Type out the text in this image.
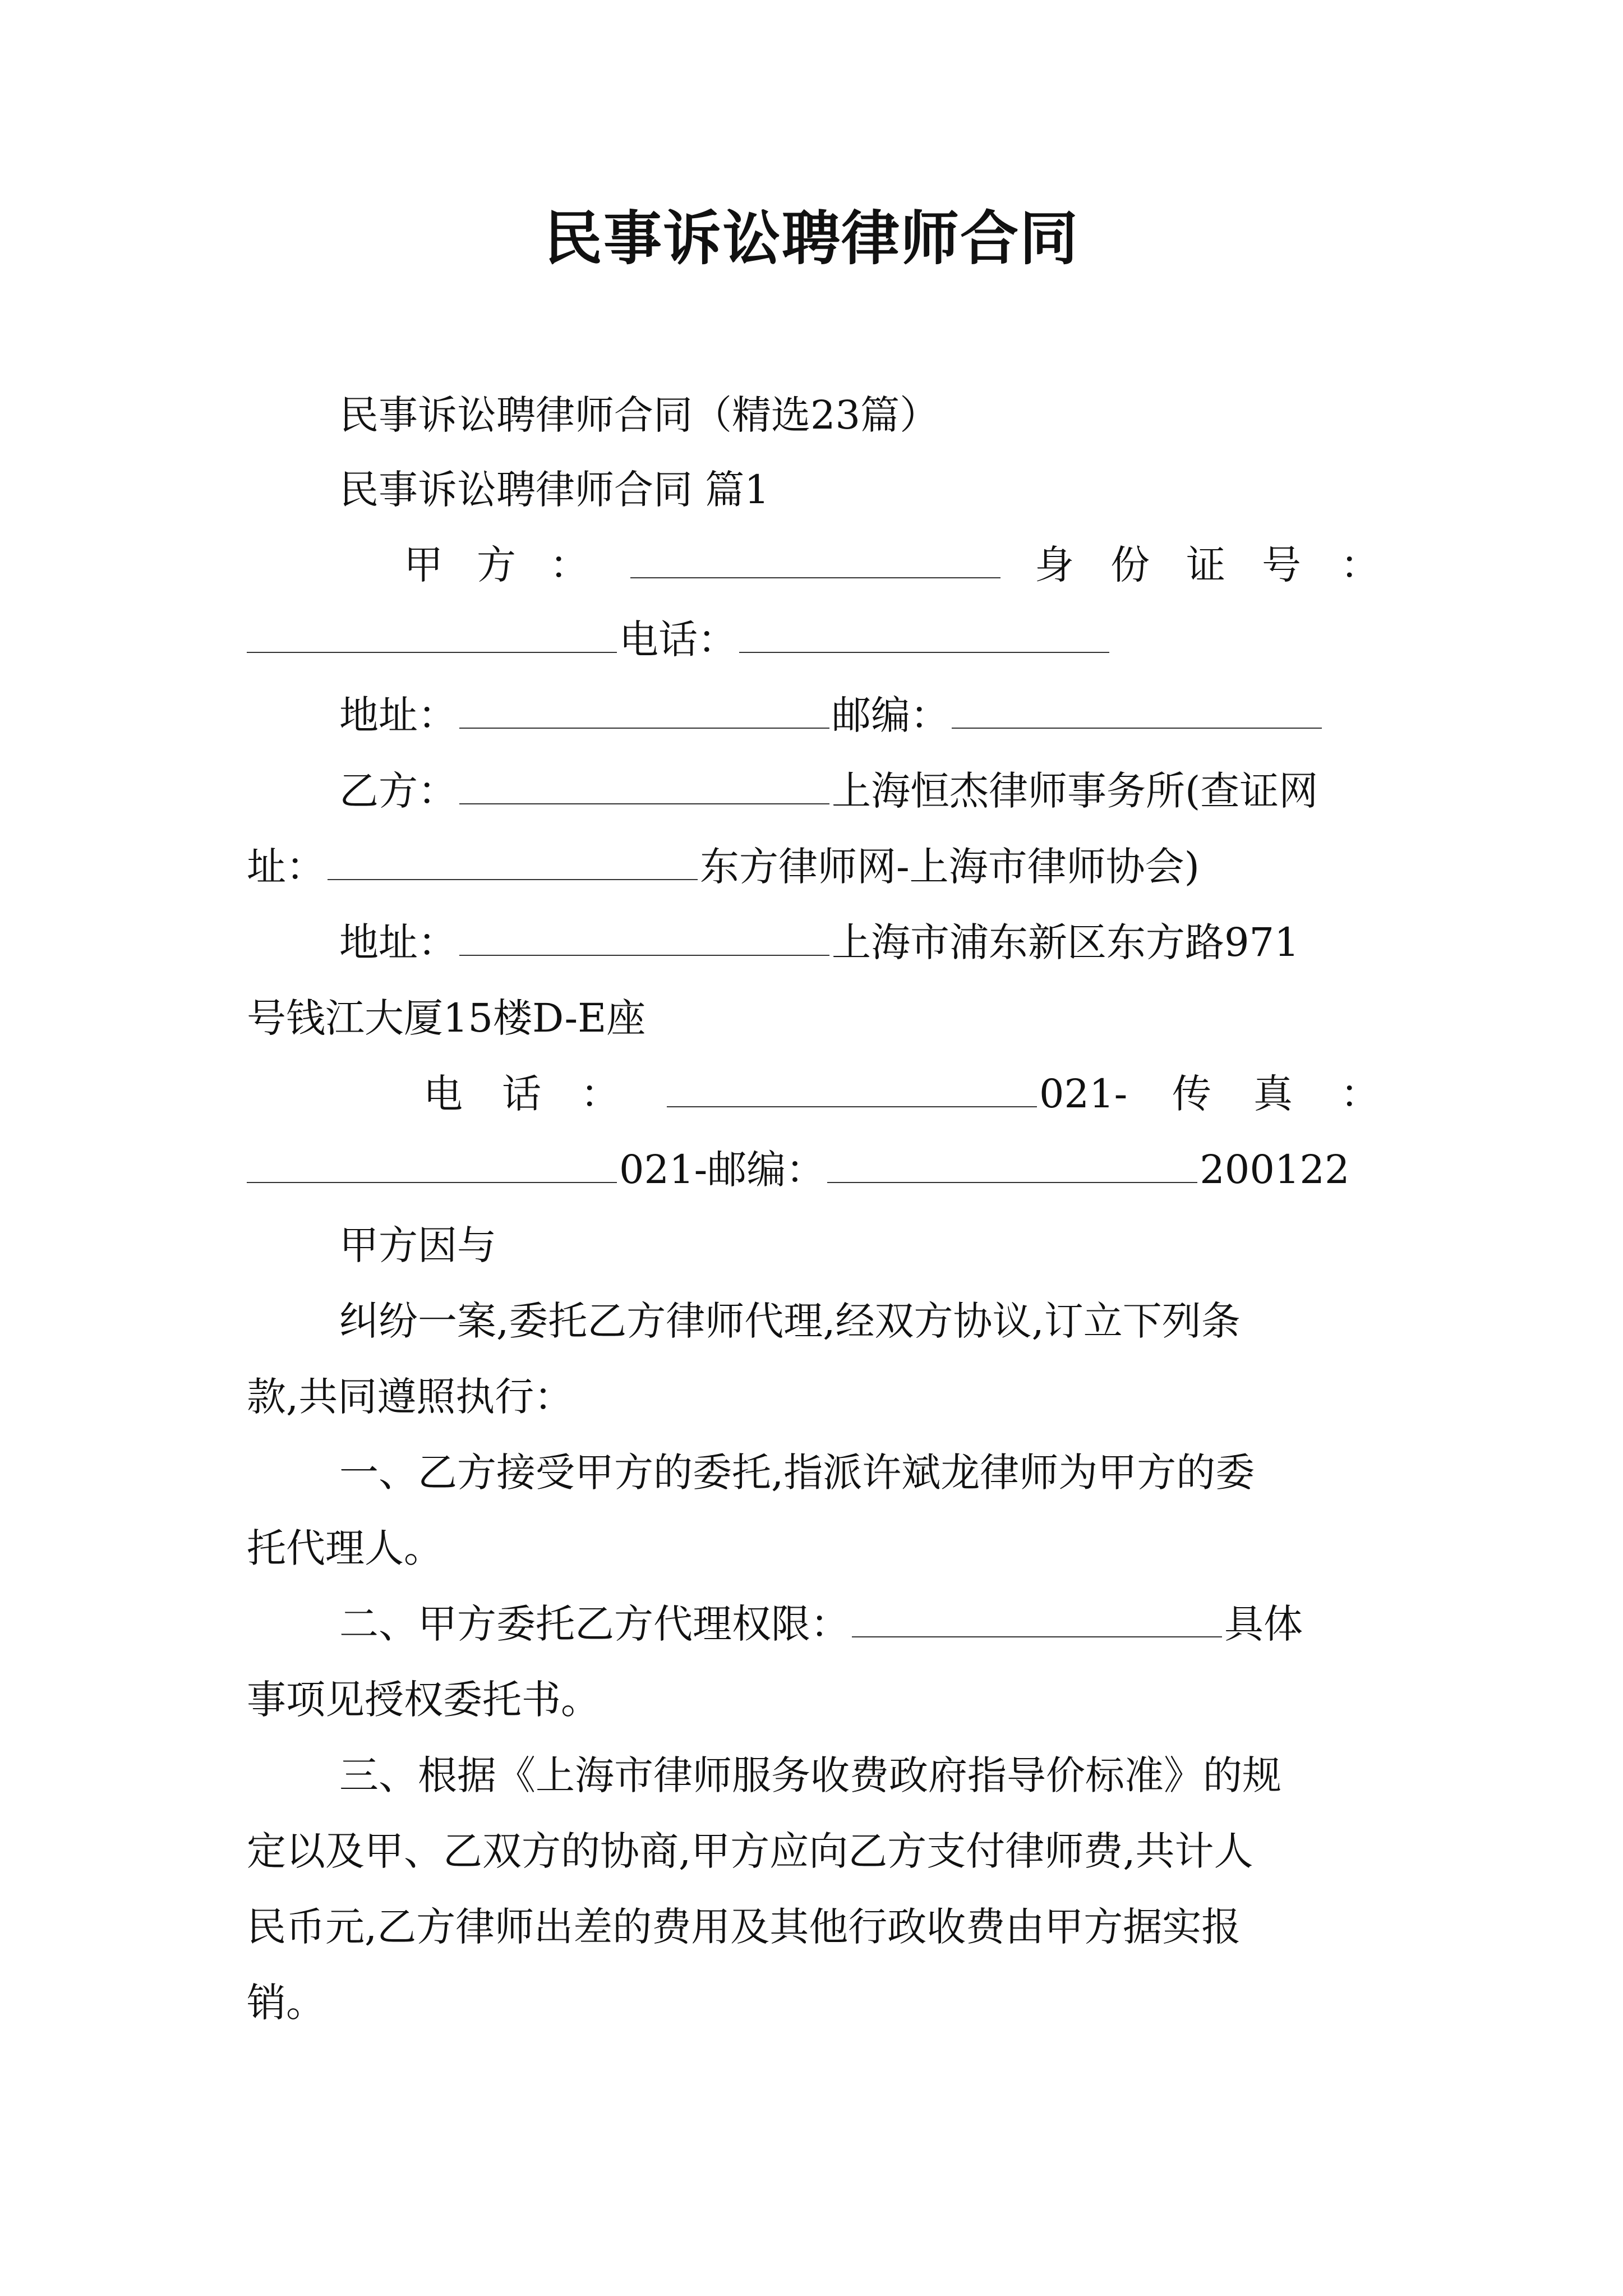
民事诉讼聘律师合同
民事诉讼聘律师合同（精选23篇）
民事诉讼聘律师合同 篇1
甲 方 ：	身 份 证 号 ：
电话：
地址：	邮编：
乙方：	上海恒杰律师事务所(查证网
址：	东方律师网-上海市律师协会)
地址：	上海市浦东新区东方路971
号钱江大厦15楼D-E座
电 话 ：	021- 传 真 ：
021-邮编：	200122
甲方因与
纠纷一案,委托乙方律师代理,经双方协议,订立下列条
款,共同遵照执行：
一、乙方接受甲方的委托,指派许斌龙律师为甲方的委
托代理人。
二、甲方委托乙方代理权限：	具体
事项见授权委托书。
三、根据《上海市律师服务收费政府指导价标准》的规
定以及甲、乙双方的协商,甲方应向乙方支付律师费,共计人
民币元,乙方律师出差的费用及其他行政收费由甲方据实报
销。
